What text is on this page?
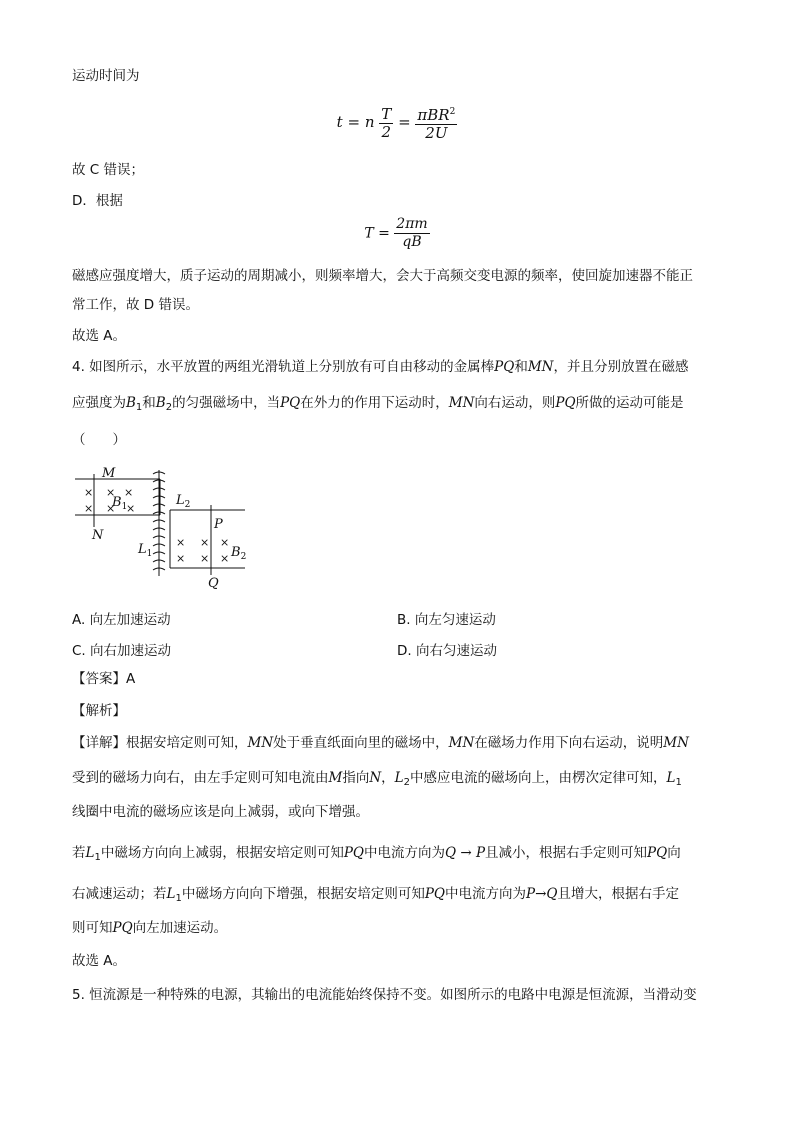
运动时间为
t = n $\frac{T}{2} = \frac{\pi BR^2}{2U}$
故 C 错误；
D．根据
$T = \frac{2\pi m}{qB}$
磁感应强度增大，质子运动的周期减小，则频率增大，会大于高频交变电源的频率，使回旋加速器不能正
常工作，故 D 错误。
故选 A。
4. 如图所示，水平放置的两组光滑轨道上分别放有可自由移动的金属棒PQ和MN，并且分别放置在磁感
应强度为$B_1$和$B_2$的匀强磁场中，当PQ在外力的作用下运动时，MN向右运动，则PQ所做的运动可能是
（　　）
× × ×
× × ×
× × ×
× × ×
M
N
P
Q
$B_1$
$B_2$
$L_2$
$L_1$
A. 向左加速运动	B. 向左匀速运动
C. 向右加速运动	D. 向右匀速运动
【答案】A
【解析】
【详解】根据安培定则可知，MN处于垂直纸面向里的磁场中，MN在磁场力作用下向右运动，说明MN
受到的磁场力向右，由左手定则可知电流由M指向N，$L_2$中感应电流的磁场向上，由楞次定律可知，$L_1$
线圈中电流的磁场应该是向上减弱，或向下增强。
若$L_1$中磁场方向向上减弱，根据安培定则可知PQ中电流方向为Q → P且减小，根据右手定则可知PQ向
右减速运动；若$L_1$中磁场方向向下增强，根据安培定则可知PQ中电流方向为P→Q且增大，根据右手定
则可知PQ向左加速运动。
故选 A。
5. 恒流源是一种特殊的电源，其输出的电流能始终保持不变。如图所示的电路中电源是恒流源，当滑动变
